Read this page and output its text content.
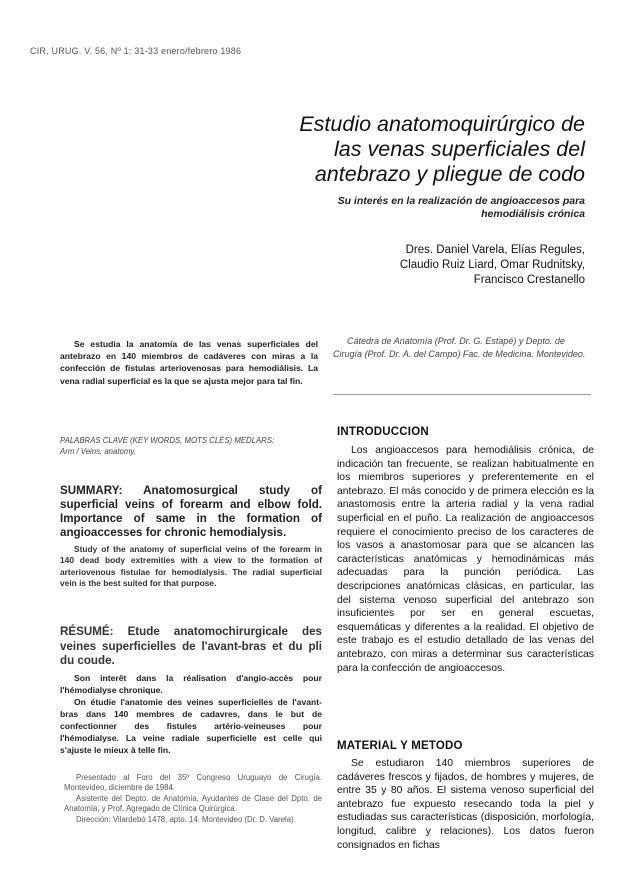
CIR. URUG. V. 56, Nº 1: 31-33 enero/febrero 1986
Estudio anatomoquirúrgico de
las venas superficiales del
antebrazo y pliegue de codo
Su interés en la realización de angioaccesos para
hemodiálisis crónica
Dres. Daniel Varela, Elías Regules,
Claudio Ruiz Liard, Omar Rudnitsky,
Francisco Crestanello
Se estudia la anatomía de las venas superficiales del antebrazo en 140 miembros de cadáveres con miras a la confección de fístulas arteriovenosas para hemodiálisis. La vena radial superficial es la que se ajusta mejor para tal fin.
Cátedra de Anatomía (Prof. Dr. G. Estapé) y Depto. de Cirugía (Prof. Dr. A. del Campo) Fac. de Medicina. Montevideo.
PALABRAS CLAVE (KEY WORDS, MOTS CLÉS) MEDLARS:
Arm / Veins, anatomy.
SUMMARY: Anatomosurgical study of superficial veins of forearm and elbow fold. Importance of same in the formation of angioaccesses for chronic hemodialysis.
Study of the anatomy of superficial veins of the forearm in 140 dead body extremities with a view to the formation of arteriovenous fistulae for hemodialysis. The radial superficial vein is the best suited for that purpose.
RÉSUMÉ: Etude anatomochirurgicale des veines superficielles de l'avant-bras et du pli du coude.

Son interêt dans la réalisation d'angio-accès pour l'hémodialyse chronique.

On étudie l'anatomie des veines superficielles de l'avant-bras dans 140 membres de cadavres, dans le but de confectionner des fistules artério-veineuses pour l'hémodialyse. La veine radiale superficielle est celle qui s'ajuste le mieux à telle fin.

Presentado al Foro del 35º Congreso Uruguayo de Cirugía. Montevideo, diciembre de 1984.

Asistente del Depto. de Anatomía, Ayudantes de Clase del Dpto. de Anatomía, y Prof. Agregado de Clínica Quirúrgica.

Dirección: Vilardebó 1478, apto. 14. Montevideo (Dr. D. Varela).

INTRODUCCION
Los angioaccesos para hemodiálisis crónica, de indicación tan frecuente, se realizan habitualmente en los miembros superiores y preferentemente en el antebrazo. El más conocido y de primera elección es la anastomosis entre la arteria radial y la vena radial superficial en el puño. La realización de angioaccesos requiere el conocimiento preciso de los caracteres de los vasos a anastomosar para que se alcancen las características anatómicas y hemodinámicas más adecuadas para la punción periódica. Las descripciones anatómicas clásicas, en particular, las del sistema venoso superficial del antebrazo son insuficientes por ser en general escuetas, esquemáticas y diferentes a la realidad. El objetivo de este trabajo es el estudio detallado de las venas del antebrazo, con miras a determinar sus características para la confección de angioaccesos.
MATERIAL Y METODO
Se estudiaron 140 miembros superiores de cadáveres frescos y fijados, de hombres y mujeres, de entre 35 y 80 años. El sistema venoso superficial del antebrazo fue expuesto resecando toda la piel y estudiadas sus características (disposición, morfología, longitud, calibre y relaciones). Los datos fueron consignados en fichas
